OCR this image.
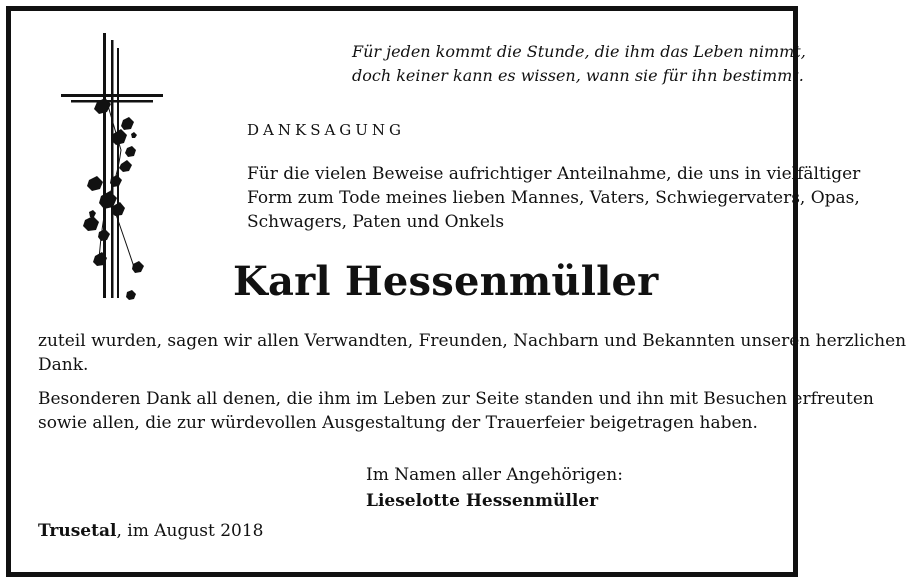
Für jeden kommt die Stunde, die ihm das Leben nimmt,
doch keiner kann es wissen, wann sie für ihn bestimmt.
DANKSAGUNG
Für die vielen Beweise aufrichtiger Anteilnahme, die uns in vielfältiger
Form zum Tode meines lieben Mannes, Vaters, Schwiegervaters, Opas,
Schwagers, Paten und Onkels
Karl Hessenmüller
zuteil wurden, sagen wir allen Verwandten, Freunden, Nachbarn und Bekannten unseren herzlichen
Dank.
Besonderen Dank all denen, die ihm im Leben zur Seite standen und ihn mit Besuchen erfreuten
sowie allen, die zur würdevollen Ausgestaltung der Trauerfeier beigetragen haben.
Im Namen aller Angehörigen:
Lieselotte Hessenmüller
Trusetal, im August 2018
